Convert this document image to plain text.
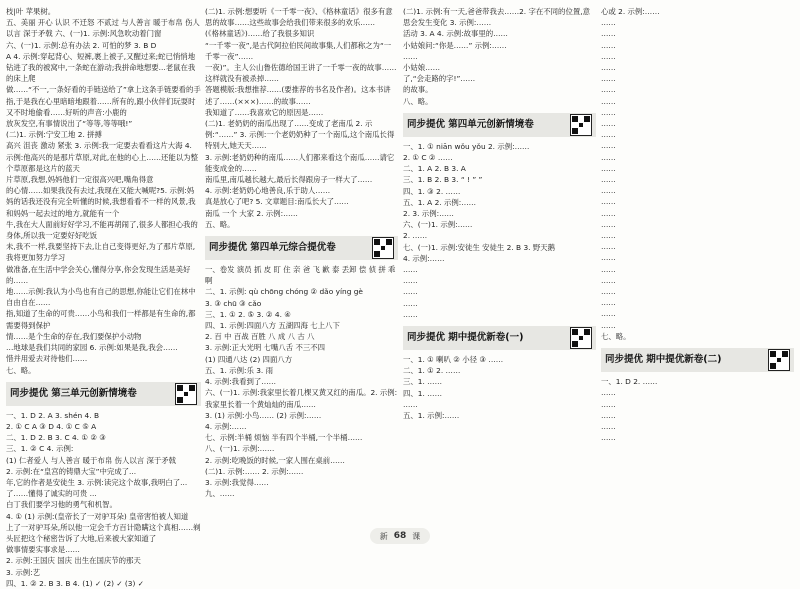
枝|叶 苹果树。

五、美丽 开心 认识 不迁怒 不贰过 与人善言 暖于布帛 伤人以言 深于矛戟 六、(一)1. 示例:风急吹动着门窗

六、(一)1. 示例:总有办法 2. 可怕的梦 3. B D

A 4. 示例:穿起背心、短裤,裹上被子,又醒过来;蛇已悄悄地钻进了我的被窝中,一条蛇在游动;我拼命地想要...老鼠在我的床上爬

做……“不一,一条好看的手链送给了”拿上这条手链要看的手指,于是我在心里暗暗地跟着……所有的,跟小伙伴们玩耍时又不时地偷看……好听的声音:小鹿的

放灰发空,有事情说出了“等等,等等哦!”

(二)1. 示例:宁安工地 2. 拼搏

高兴 沮丧 激动 紧张 3. 示例:我一定要去看看这片大海 4. 示例:他高兴的是那片草原,对此,在他的心上……还能以为整个草原都是这片的蓝天

片草原,我想,妈妈他们一定很高兴吧,嘴角得意

的心情……如果我没有去过,我现在又能大喊呢?5. 示例:妈妈的话我还没有完全听懂的时候,我想看看不一样的风景,我和妈妈一起去过的地方,就能有一个

牛,我在大人面前好好学习,不能再胡闹了,很多人都担心我的身体,所以我一定要好好吃饭

未,我不一样,我要坚持下去,让自己变得更好,为了那片草原,我将更加努力学习

做准备,在生活中学会关心,懂得分享,你会发现生活是美好的……

地……示例:我认为小鸟也有自己的思想,你能让它们在林中自由自在……

指,知道了生命的可贵……小鸟和我们一样都是有生命的,都需要得到保护

情……是个生命的存在,我们要保护小动物

…地球是我们共同的家园 6. 示例:如果是我,我会……

惜并用爱去对待他们……

七、略。

同步提优 第三单元创新情境卷

一、1. D 2. A 3. shén 4. B

2. ① C A ③ D 4. ① C ⑤ A

二、1. D 2. B 3. C 4. ① ② ③

三、1. ② C 4. 示例:

(1) 仁者爱人 与人善言 暖于布帛 伤人以言 深于矛戟

2. 示例:在“皇宫的铸鼎大宝”中完成了...

年,它的作者是安徒生 3. 示例:读完这个故事,我明白了...

了……懂得了诚实的可贵 ...

白丁我们要学习他的勇气和机智。

4. ① (1) 示例:(皇帝长了一对驴耳朵) 皇帝害怕被人知道

上了一对驴耳朵,所以他一定会千方百计隐瞒这个真相……剃头匠把这个秘密告诉了大地,后来被大家知道了

做事情要实事求是……

2. 示例:王国庆 国庆 出生在国庆节的那天

3. 示例:艺

四、1. ② 2. B 3. B 4. (1) ✓ (2) ✓ (3) ✓

(二)1. 示例:想要听《一千零一夜》、《格林童话》很多有意思的故事……这些故事会给我们带来很多的欢乐……

(《格林童话》)……给了我很多知识

“一千零一夜”,是古代阿拉伯民间故事集,人们都称之为“一千零一夜”……

一夜)”。主人公山鲁佐德给国王讲了一千零一夜的故事……这样就没有被杀掉……

答题模版:我想推荐……(要推荐的书名及作者)。这本书讲述了……(×××)……的故事……

我知道了……我喜欢它的原因是……

(二)1. 老奶奶的南瓜出现了……变成了老南瓜 2. 示例:“……” 3. 示例:一个老奶奶种了一个南瓜,这个南瓜长得特别大,她天天……

3. 示例:老奶奶种的南瓜……人们都来看这个南瓜……请它能变成金的……

南瓜里,南瓜越长越大,最后长得跟房子一样大了……

4. 示例:老奶奶心地善良,乐于助人……

真是放心了吧? 5. 文章题目:南瓜长大了……

南瓜 一个 大家 2. 示例:……

五、略。

同步提优 第四单元综合提优卷

一、卷发 演员 抓 皮 盯 住 亲 爸 飞 歉 泰 丢卸 偿 侦 拼 乖 啊

二、1. 示例: qù chōng chóng ② dǎo yíng gè

3. ③ chū ③ cǎo

三、1. ① 2. ⑤ 3. ② 4. ④

四、1. 示例:四面八方 五湖四海 七上八下

2. 百 中 百战 百胜 八 成 八 古 八

3. 示例:正大光明 七嘴八舌 不三不四

(1) 四通八达 (2) 四面八方

五、1. 示例:乐 3. 雨

4. 示例:我看到了……

六、(一)1. 示例:我家里长着几棵又黄又红的南瓜。2. 示例:我家里长着一个黄灿灿的南瓜……

3. (1) 示例:小鸟…… (2) 示例:……

4. 示例:……

七、示例:半桶 烦恼 半有四个半桶,一个半桶……

八、(一)1. 示例:……

2. 示例:吃晚饭的时候,一家人围在桌前……

(二)1. 示例:…… 2. 示例:……

3. 示例:我觉得……

九、……

(二)1. 示例:有一天,爸爸带我去……2. 字在不同的位置,意思会发生变化 3. 示例:……

活动 3. A 4. 示例:故事里的……

小姑娘问:“你是……” 示例:……

……

小姑娘……

了,“会走路的字!”……

的故事。

八、略。

同步提优 第四单元创新情境卷

一、1. ① niān wǒu yǒu 2. 示例:……

2. ① C ② ……

二、1. A 2. B 3. A

三、1. B 2. B 3. “ ! ” ”

四、1. ③ 2. ……

五、1. A 2. 示例:……

2. 3. 示例:……

六、(一)1. 示例:……

2. ……

七、(一)1. 示例:安徒生 安徒生 2. B 3. 野天鹅

4. 示例:……

……

……

……

……

……

同步提优 期中提优新卷(一)

一、1. ① 喇叭 ② 小径 ③ ……

二、1. ① 2. ……

三、1. ……

四、1. ……

……

五、1. 示例:……

心或 2. 示例:……

……

……

……

……

……

……

……

……

……

……

……

……

……

……

……

……

……

……

……

……

……

……

……

……

……

……

……

……

七、略。

同步提优 期中提优新卷(二)

一、1. D 2. ……

……

……

……

……

……

新 68 课
